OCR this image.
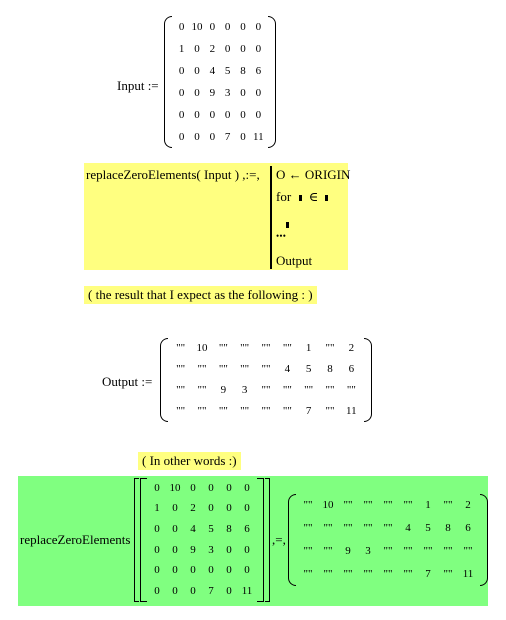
Input :=
0 10 0 0 0 0
1 0 2 0 0 0
0 0 4 5 8 6
0 0 9 3 0 0
0 0 0 0 0 0
0 0 0 7 0 11
replaceZeroElements( Input ) ,:=, O ← ORIGIN
for ∈
• • •
Output
( the result that I expect as the following : )
Output :=
"" 10 "" "" "" "" 1 "" 2
"" "" "" "" "" 4 5 8 6
"" "" 9 3 "" "" "" "" ""
"" "" "" "" "" "" 7 "" 11
( In other words :)
replaceZeroElements
0 10 0 0 0 0
1 0 2 0 0 0
0 0 4 5 8 6
0 0 9 3 0 0
0 0 0 0 0 0
0 0 0 7 0 11
,=,
"" 10 "" "" "" "" 1 "" 2
"" "" "" "" "" 4 5 8 6
"" "" 9 3 "" "" "" "" ""
"" "" "" "" "" "" 7 "" 11
